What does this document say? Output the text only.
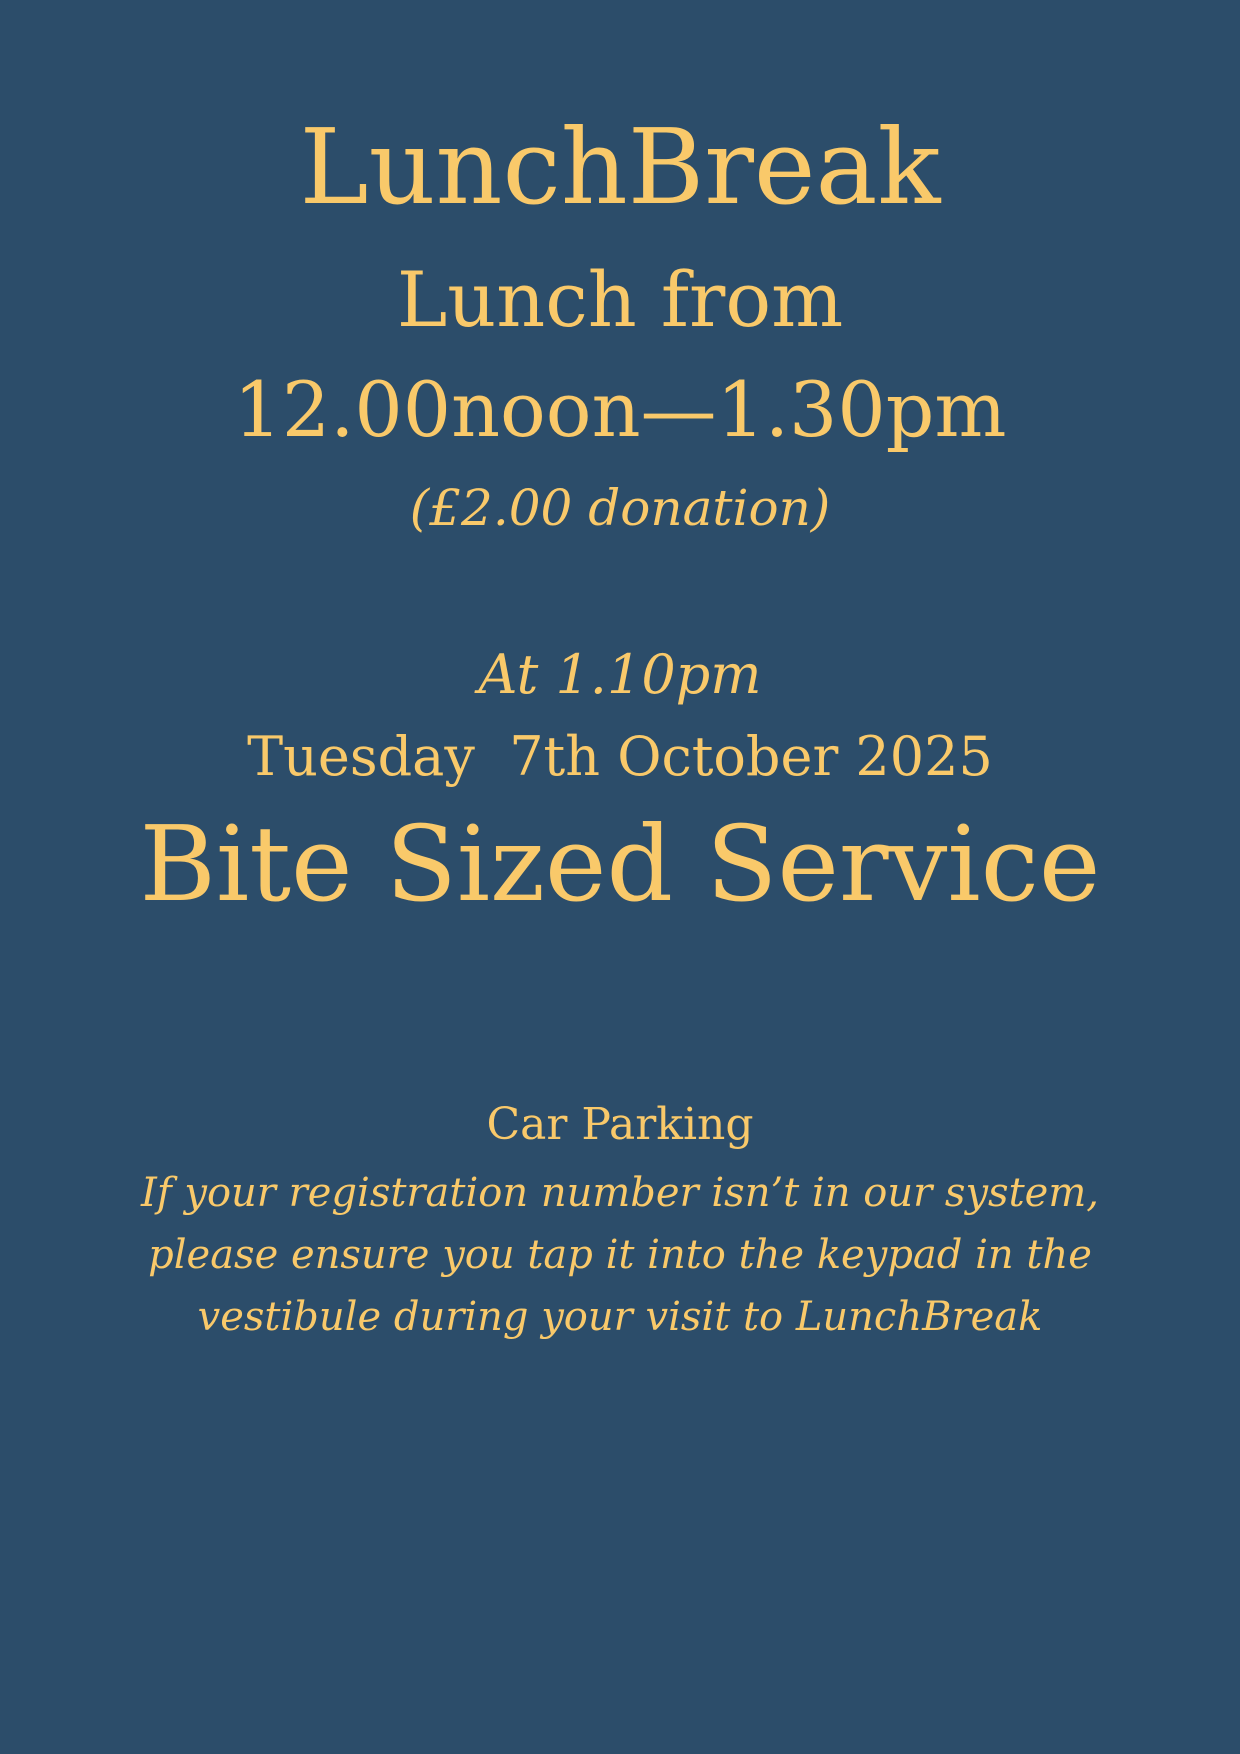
LunchBreak
Lunch from
12.00noon—1.30pm
(£2.00 donation)
At 1.10pm
Tuesday  7th October 2025
Bite Sized Service
Car Parking
If your registration number isn’t in our system,
please ensure you tap it into the keypad in the
vestibule during your visit to LunchBreak
